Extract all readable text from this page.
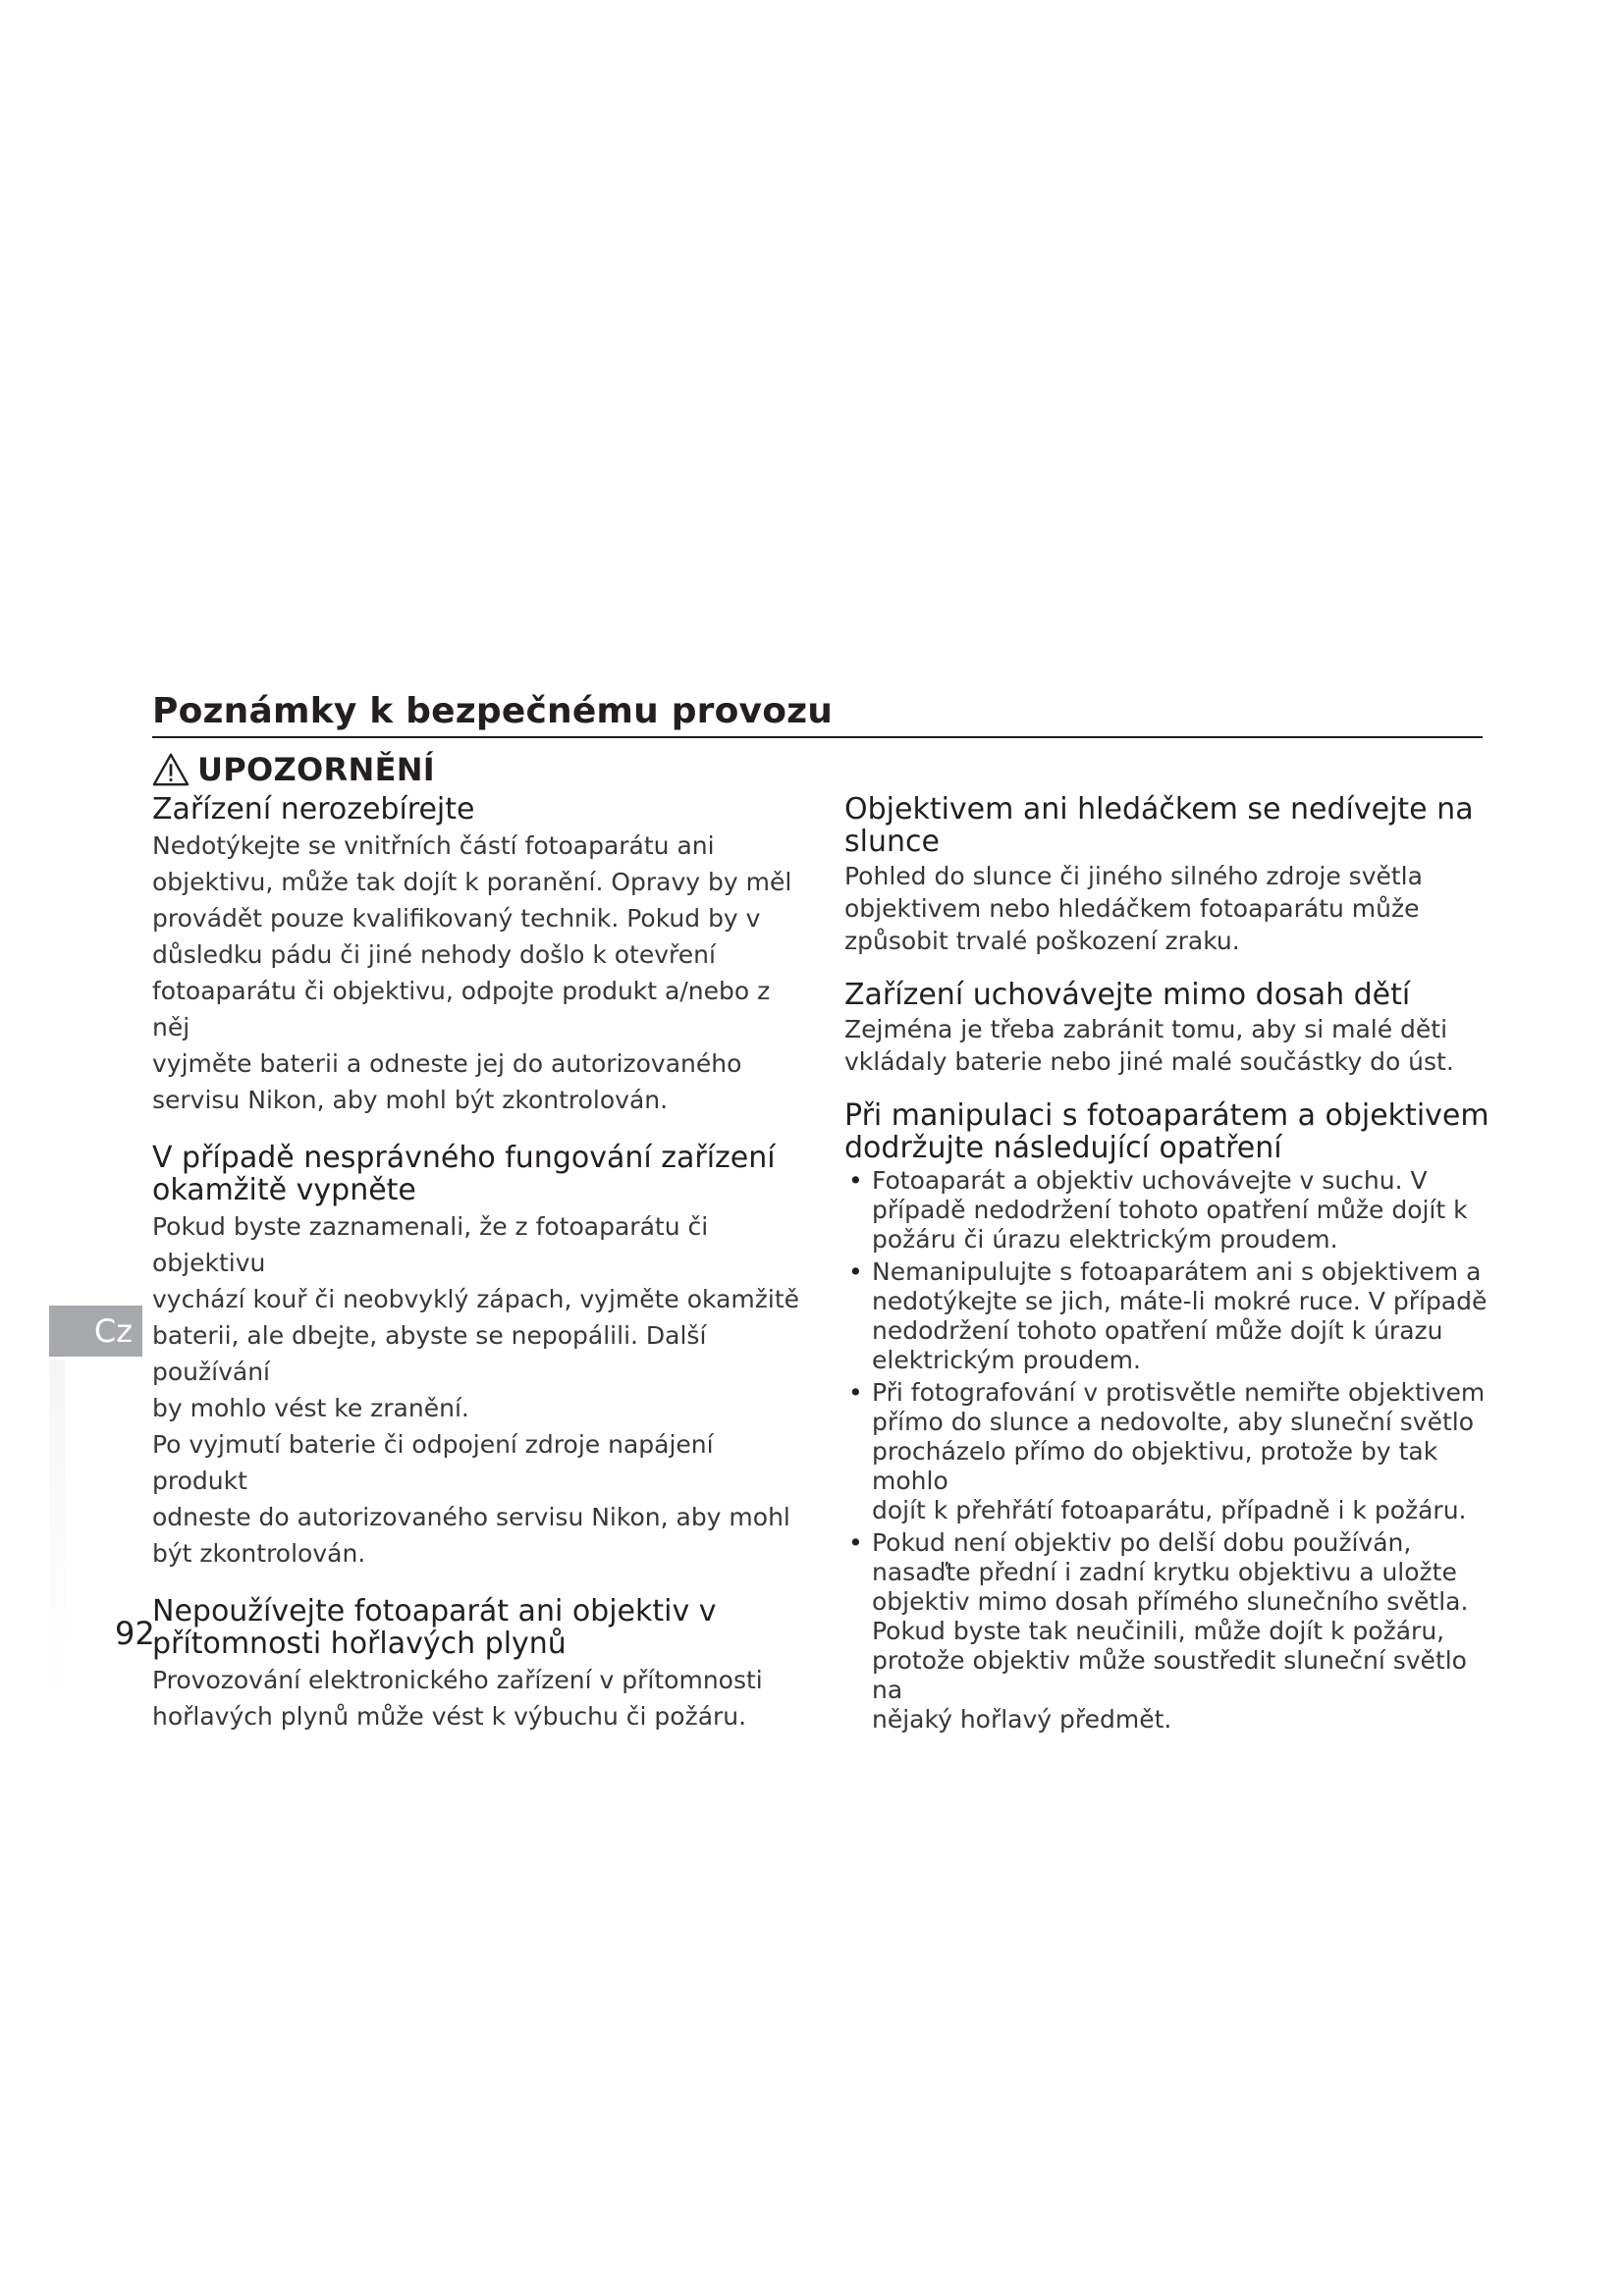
Poznámky k bezpečnému provozu
UPOZORNĚNÍ
Zařízení nerozebírejte
Nedotýkejte se vnitřních částí fotoaparátu ani
objektivu, může tak dojít k poranění. Opravy by měl
provádět pouze kvalifikovaný technik. Pokud by v
důsledku pádu či jiné nehody došlo k otevření
fotoaparátu či objektivu, odpojte produkt a/nebo z něj
vyjměte baterii a odneste jej do autorizovaného
servisu Nikon, aby mohl být zkontrolován.
V případě nesprávného fungování zařízení
okamžitě vypněte
Pokud byste zaznamenali, že z fotoaparátu či objektivu
vychází kouř či neobvyklý zápach, vyjměte okamžitě
baterii, ale dbejte, abyste se nepopálili. Další používání
by mohlo vést ke zranění.
Po vyjmutí baterie či odpojení zdroje napájení produkt
odneste do autorizovaného servisu Nikon, aby mohl
být zkontrolován.
Nepoužívejte fotoaparát ani objektiv v
přítomnosti hořlavých plynů
Provozování elektronického zařízení v přítomnosti
hořlavých plynů může vést k výbuchu či požáru.
Objektivem ani hledáčkem se nedívejte na slunce
Pohled do slunce či jiného silného zdroje světla
objektivem nebo hledáčkem fotoaparátu může
způsobit trvalé poškození zraku.
Zařízení uchovávejte mimo dosah dětí
Zejména je třeba zabránit tomu, aby si malé děti
vkládaly baterie nebo jiné malé součástky do úst.
Při manipulaci s fotoaparátem a objektivem
dodržujte následující opatření
• Fotoaparát a objektiv uchovávejte v suchu. V
případě nedodržení tohoto opatření může dojít k
požáru či úrazu elektrickým proudem.
• Nemanipulujte s fotoaparátem ani s objektivem a
nedotýkejte se jich, máte-li mokré ruce. V případě
nedodržení tohoto opatření může dojít k úrazu
elektrickým proudem.
• Při fotografování v protisvětle nemiřte objektivem
přímo do slunce a nedovolte, aby sluneční světlo
procházelo přímo do objektivu, protože by tak mohlo
dojít k přehřátí fotoaparátu, případně i k požáru.
• Pokud není objektiv po delší dobu používán,
nasaďte přední i zadní krytku objektivu a uložte
objektiv mimo dosah přímého slunečního světla.
Pokud byste tak neučinili, může dojít k požáru,
protože objektiv může soustředit sluneční světlo na
nějaký hořlavý předmět.
Cz
92
